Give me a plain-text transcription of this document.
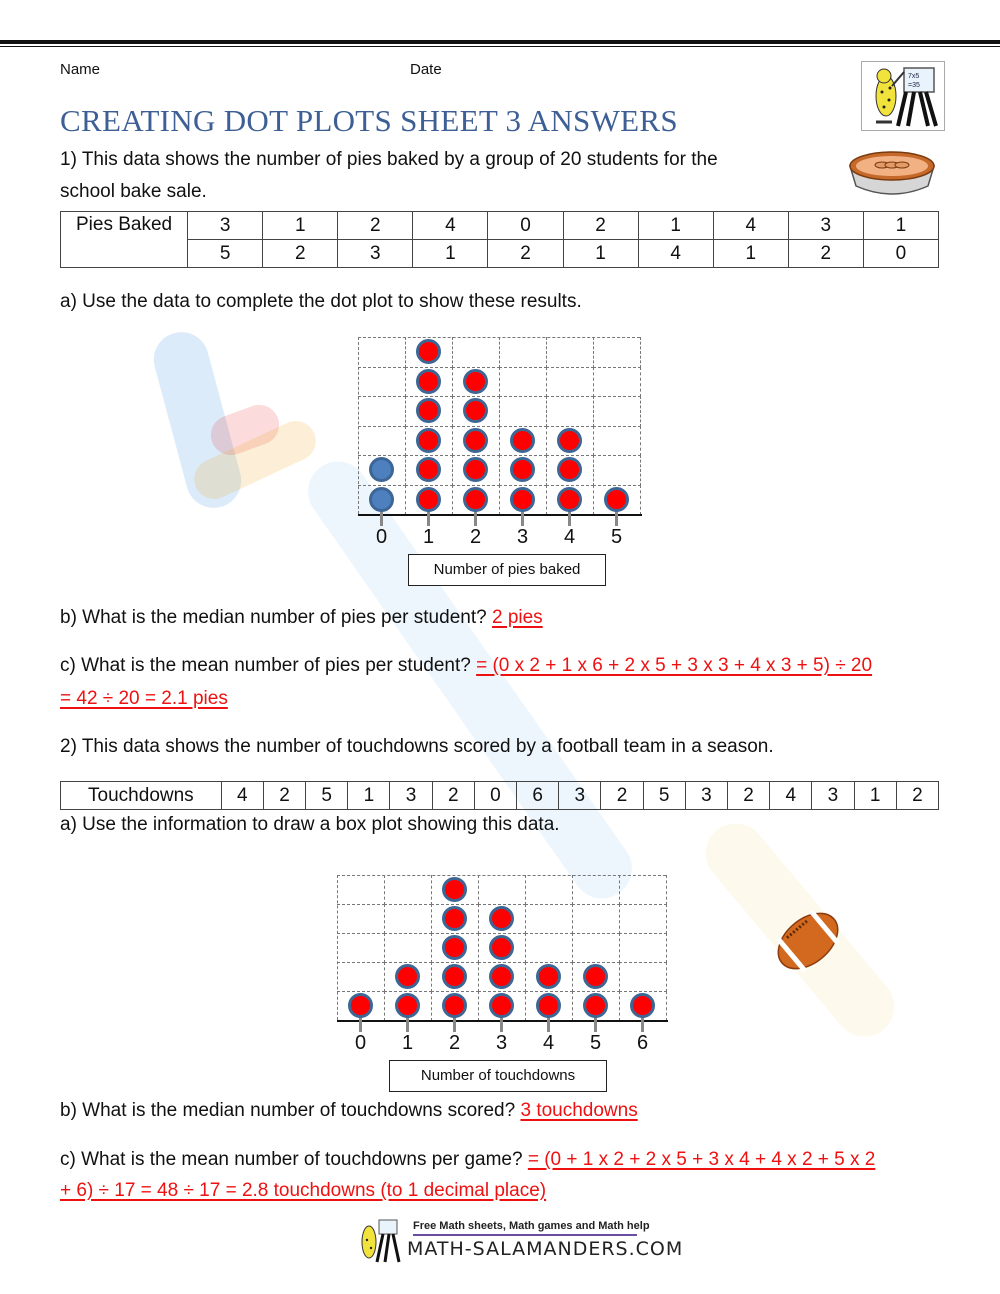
Name	Date
CREATING DOT PLOTS SHEET 3 ANSWERS
7x5
=35
1) This data shows the number of pies baked by a group of 20 students for the
school bake sale.
Pies Baked	3	1	2	4	0	2	1	4	3	1
	5	2	3	1	2	1	4	1	2	0
a) Use the data to complete the dot plot to show these results.
0	1	2	3	4	5
Number of pies baked
b) What is the median number of pies per student? 2 pies
c) What is the mean number of pies per student? = (0 x 2 + 1 x 6 + 2 x 5 + 3 x 3 + 4 x 3 + 5) ÷ 20
= 42 ÷ 20 = 2.1 pies
2) This data shows the number of touchdowns scored by a football team in a season.
Touchdowns	4	2	5	1	3	2	0	6	3	2	5	3	2	4	3	1	2
a) Use the information to draw a box plot showing this data.
0	1	2	3	4	5	6
Number of touchdowns
b) What is the median number of touchdowns scored? 3 touchdowns
c) What is the mean number of touchdowns per game? = (0 + 1 x 2 + 2 x 5 + 3 x 4 + 4 x 2 + 5 x 2
+ 6) ÷ 17 = 48 ÷ 17 = 2.8 touchdowns (to 1 decimal place)
Free Math sheets, Math games and Math help
MATH-SALAMANDERS.COM
